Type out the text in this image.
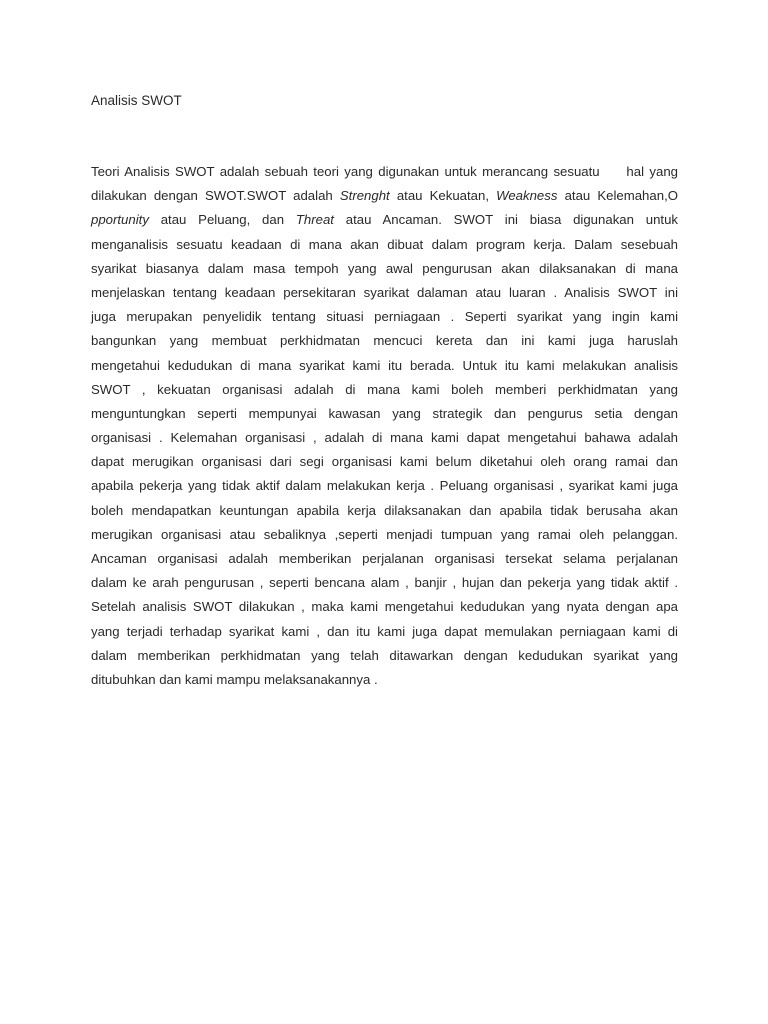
Analisis SWOT
Teori Analisis SWOT adalah sebuah teori yang digunakan untuk merancang sesuatu     hal yang
dilakukan dengan SWOT.SWOT adalah Strenght atau Kekuatan, Weakness atau Kelemahan,O
pportunity atau Peluang, dan Threat atau Ancaman. SWOT ini biasa digunakan untuk
menganalisis sesuatu keadaan di mana akan dibuat dalam program kerja. Dalam sesebuah
syarikat biasanya dalam masa tempoh yang awal pengurusan akan dilaksanakan di mana
menjelaskan tentang keadaan persekitaran syarikat dalaman atau luaran . Analisis SWOT ini
juga merupakan penyelidik tentang situasi perniagaan . Seperti syarikat yang ingin kami
bangunkan yang membuat perkhidmatan mencuci kereta dan ini kami juga haruslah
mengetahui kedudukan di mana syarikat kami itu berada. Untuk itu kami melakukan analisis
SWOT , kekuatan organisasi adalah di mana kami boleh memberi perkhidmatan yang
menguntungkan seperti mempunyai kawasan yang strategik dan pengurus setia dengan
organisasi . Kelemahan organisasi , adalah di mana kami dapat mengetahui bahawa adalah
dapat merugikan organisasi dari segi organisasi kami belum diketahui oleh orang ramai dan
apabila pekerja yang tidak aktif dalam melakukan kerja . Peluang organisasi , syarikat kami juga
boleh mendapatkan keuntungan apabila kerja dilaksanakan dan apabila tidak berusaha akan
merugikan organisasi atau sebaliknya ,seperti menjadi tumpuan yang ramai oleh pelanggan.
Ancaman organisasi adalah memberikan perjalanan organisasi tersekat selama perjalanan
dalam ke arah pengurusan , seperti bencana alam , banjir , hujan dan pekerja yang tidak aktif .
Setelah analisis SWOT dilakukan , maka kami mengetahui kedudukan yang nyata dengan apa
yang terjadi terhadap syarikat kami , dan itu kami juga dapat memulakan perniagaan kami di
dalam memberikan perkhidmatan yang telah ditawarkan dengan kedudukan syarikat yang
ditubuhkan dan kami mampu melaksanakannya .
